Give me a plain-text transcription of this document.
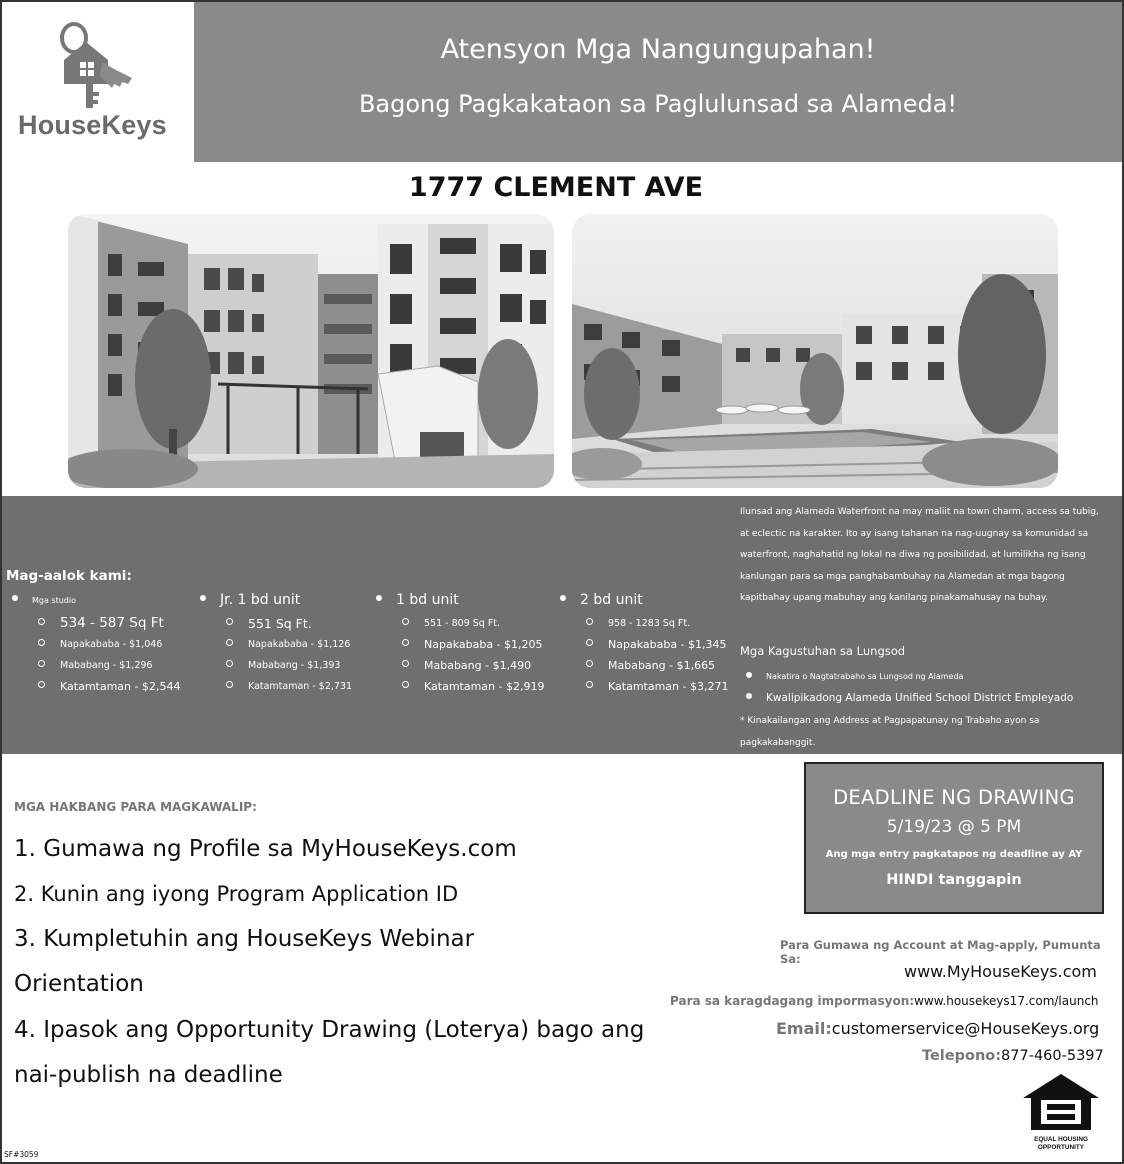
HouseKeys
Atensyon Mga Nangungupahan!
Bagong Pagkakataon sa Paglulunsad sa Alameda!
1777 CLEMENT AVE
Mag-aalok kami:
Mga studio
534 - 587 Sq Ft
Napakababa - $1,046
Mababang - $1,296
Katamtaman - $2,544
Jr. 1 bd unit
551 Sq Ft.
Napakababa - $1,126
Mababang - $1,393
Katamtaman - $2,731
1 bd unit
551 - 809 Sq Ft.
Napakababa - $1,205
Mababang - $1,490
Katamtaman - $2,919
2 bd unit
958 - 1283 Sq Ft.
Napakababa - $1,345
Mababang - $1,665
Katamtaman - $3,271
Ilunsad ang Alameda Waterfront na may maliit na town charm, access sa tubig, at eclectic na karakter. Ito ay isang tahanan na nag-uugnay sa komunidad sa waterfront, naghahatid ng lokal na diwa ng posibilidad, at lumilikha ng isang kanlungan para sa mga panghabambuhay na Alamedan at mga bagong kapitbahay upang mabuhay ang kanilang pinakamahusay na buhay.
Mga Kagustuhan sa Lungsod
Nakatira o Nagtatrabaho sa Lungsod ng Alameda
Kwalipikadong Alameda Unified School District Empleyado
* Kinakailangan ang Address at Pagpapatunay ng Trabaho ayon sa pagkakabanggit.
MGA HAKBANG PARA MAGKAWALIP:
1. Gumawa ng Profile sa MyHouseKeys.com
2. Kunin ang iyong Program Application ID
3. Kumpletuhin ang HouseKeys Webinar
Orientation
4. Ipasok ang Opportunity Drawing (Loterya) bago ang
nai-publish na deadline
DEADLINE NG DRAWING
5/19/23 @ 5 PM
Ang mga entry pagkatapos ng deadline ay AY
HINDI tanggapin
Para Gumawa ng Account at Mag-apply, Pumunta Sa:
www.MyHouseKeys.com
Para sa karagdagang impormasyon:www.housekeys17.com/launch
Email:customerservice@HouseKeys.org
Telepono:877-460-5397
EQUAL HOUSING
OPPORTUNITY
SF#3059
